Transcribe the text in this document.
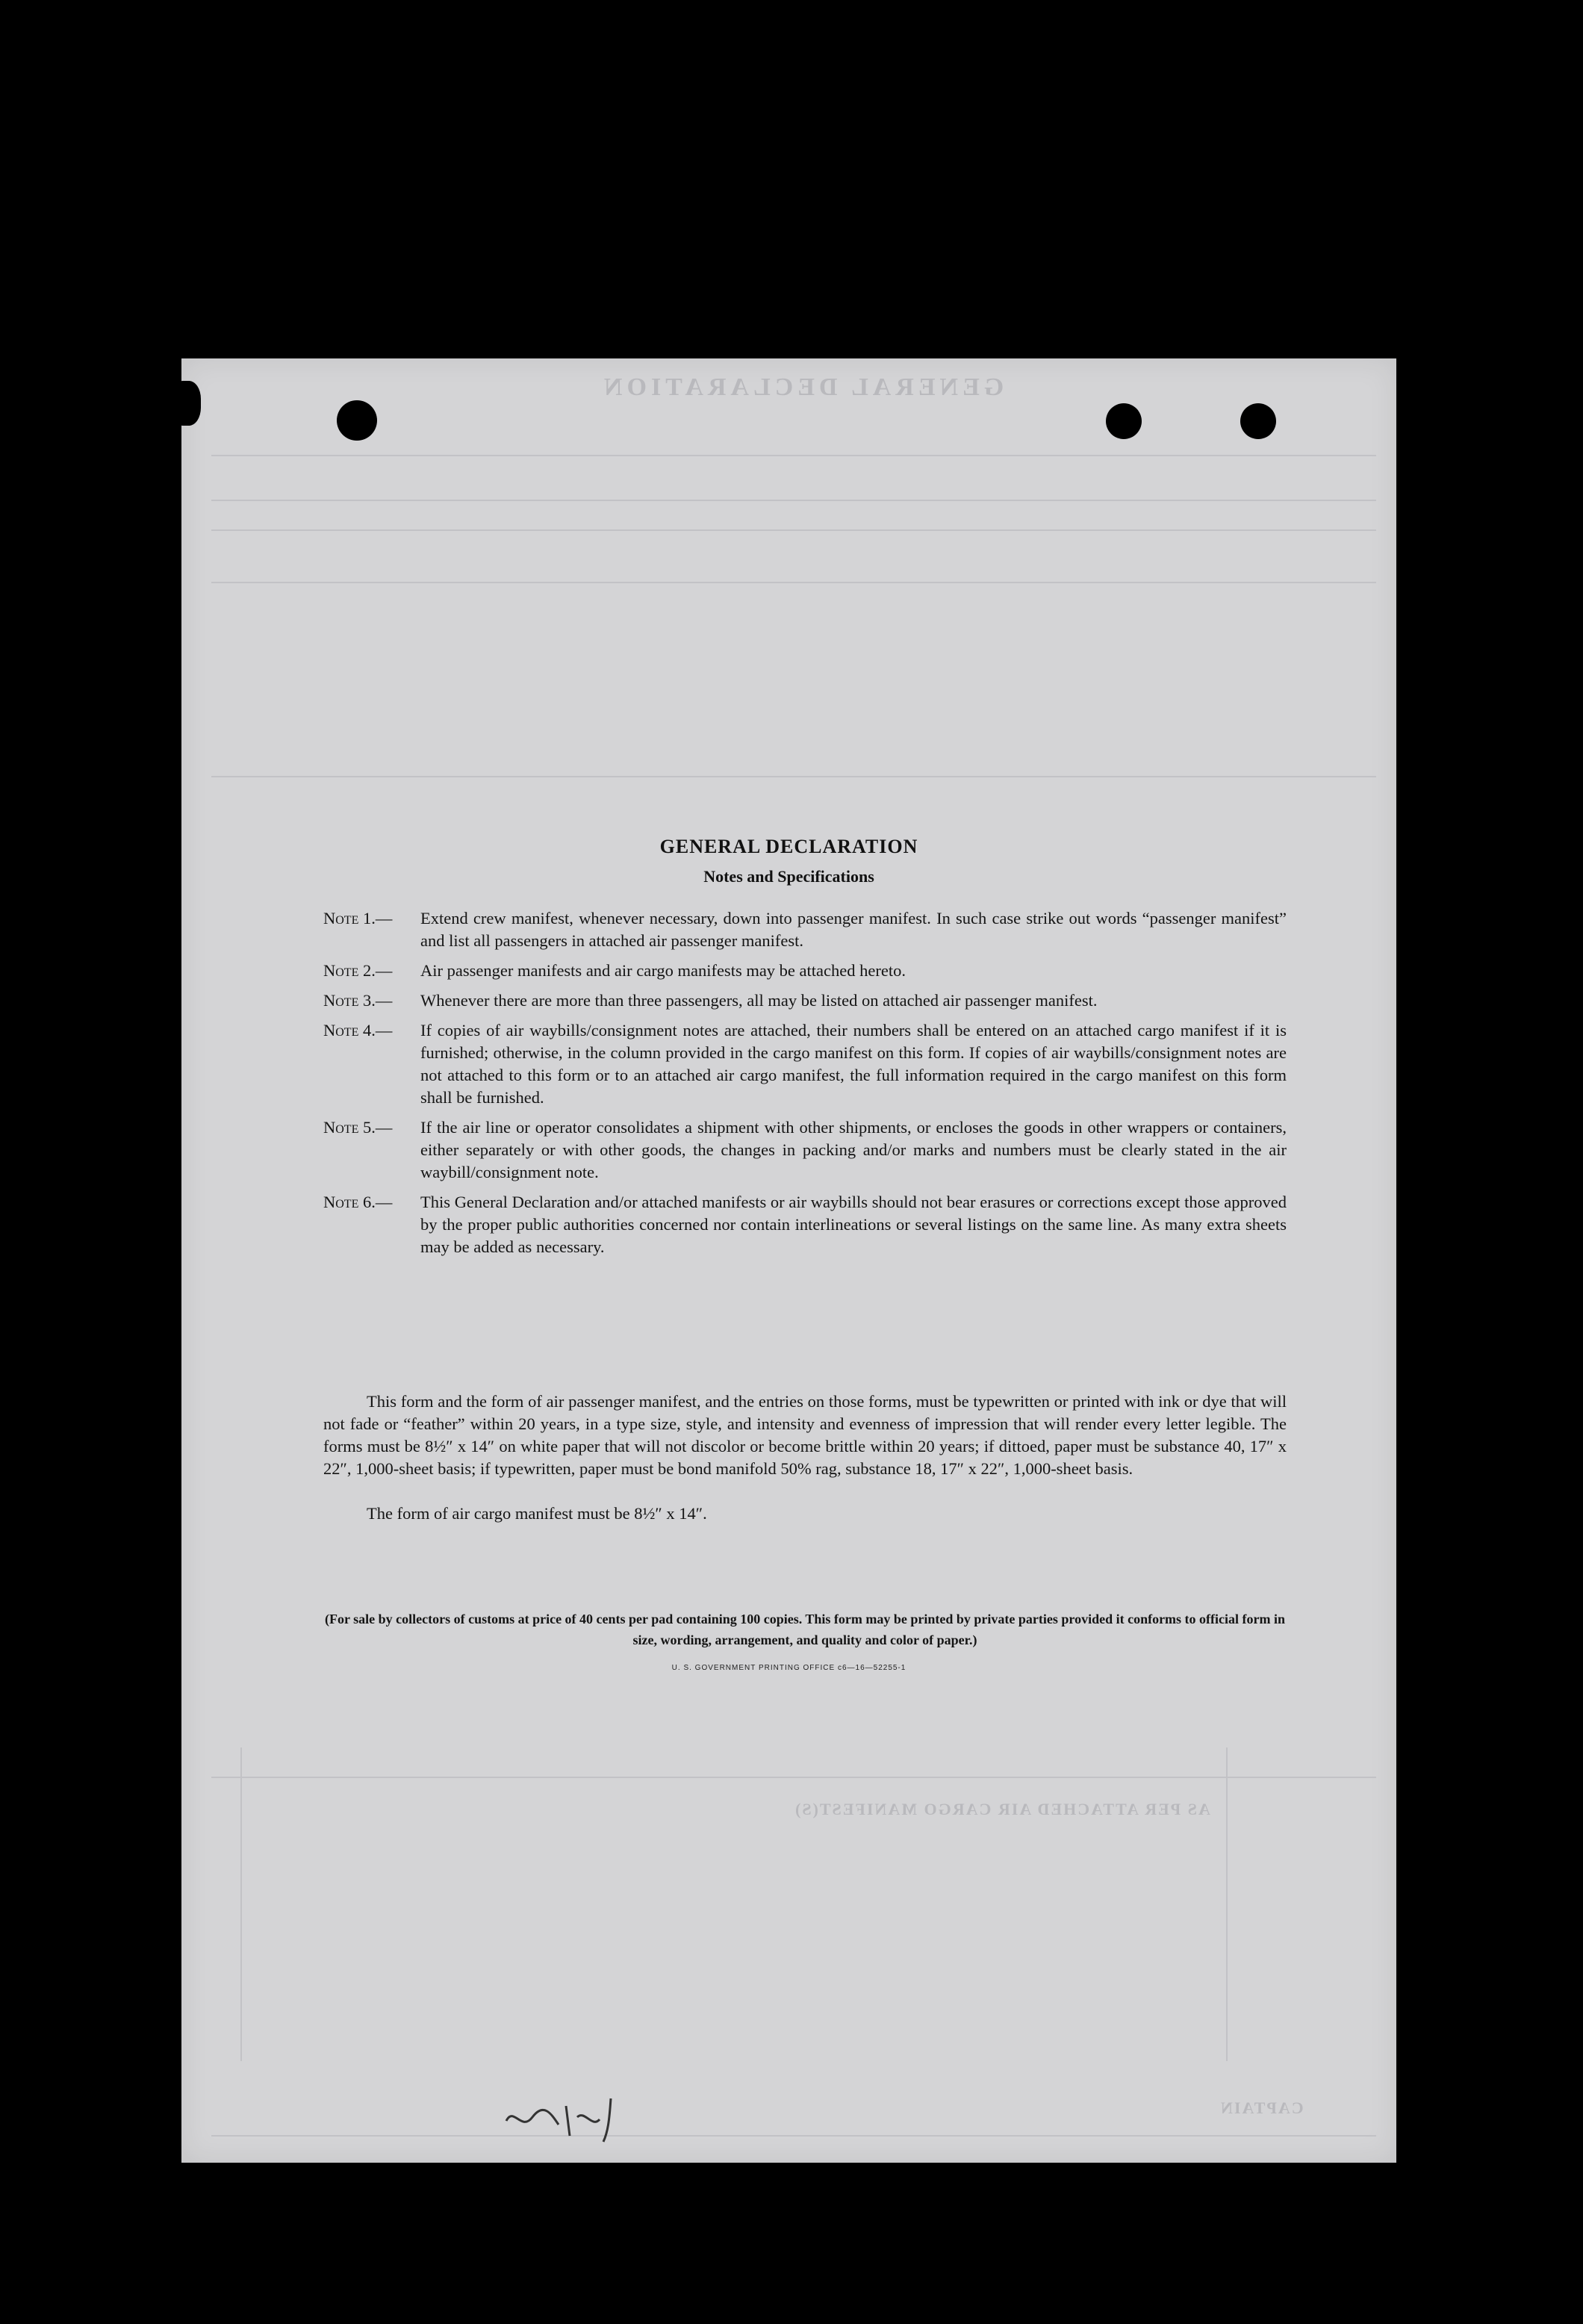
GENERAL DECLARATION
AS PER ATTACHED AIR CARGO MANIFEST(S)
CAPTAIN
GENERAL DECLARATION
Notes and Specifications
Note 1.—	Extend crew manifest, whenever necessary, down into passenger manifest. In such case strike out words “passenger manifest” and list all passengers in attached air passenger manifest.
Note 2.—	Air passenger manifests and air cargo manifests may be attached hereto.
Note 3.—	Whenever there are more than three passengers, all may be listed on attached air passenger manifest.
Note 4.—	If copies of air waybills/consignment notes are attached, their numbers shall be entered on an attached cargo manifest if it is furnished; otherwise, in the column provided in the cargo manifest on this form. If copies of air waybills/consignment notes are not attached to this form or to an attached air cargo manifest, the full information required in the cargo manifest on this form shall be furnished.
Note 5.—	If the air line or operator consolidates a shipment with other shipments, or encloses the goods in other wrappers or containers, either separately or with other goods, the changes in packing and/or marks and numbers must be clearly stated in the air waybill/consignment note.
Note 6.—	This General Declaration and/or attached manifests or air waybills should not bear erasures or corrections except those approved by the proper public authorities concerned nor contain interlineations or several listings on the same line. As many extra sheets may be added as necessary.
This form and the form of air passenger manifest, and the entries on those forms, must be typewritten or printed with ink or dye that will not fade or “feather” within 20 years, in a type size, style, and intensity and evenness of impression that will render every letter legible. The forms must be 8½″ x 14″ on white paper that will not discolor or become brittle within 20 years; if dittoed, paper must be substance 40, 17″ x 22″, 1,000-sheet basis; if typewritten, paper must be bond manifold 50% rag, substance 18, 17″ x 22″, 1,000-sheet basis.
The form of air cargo manifest must be 8½″ x 14″.
(For sale by collectors of customs at price of 40 cents per pad containing 100 copies. This form may be printed by private parties provided it conforms to official form in size, wording, arrangement, and quality and color of paper.)
U. S. GOVERNMENT PRINTING OFFICE c6—16—52255-1
